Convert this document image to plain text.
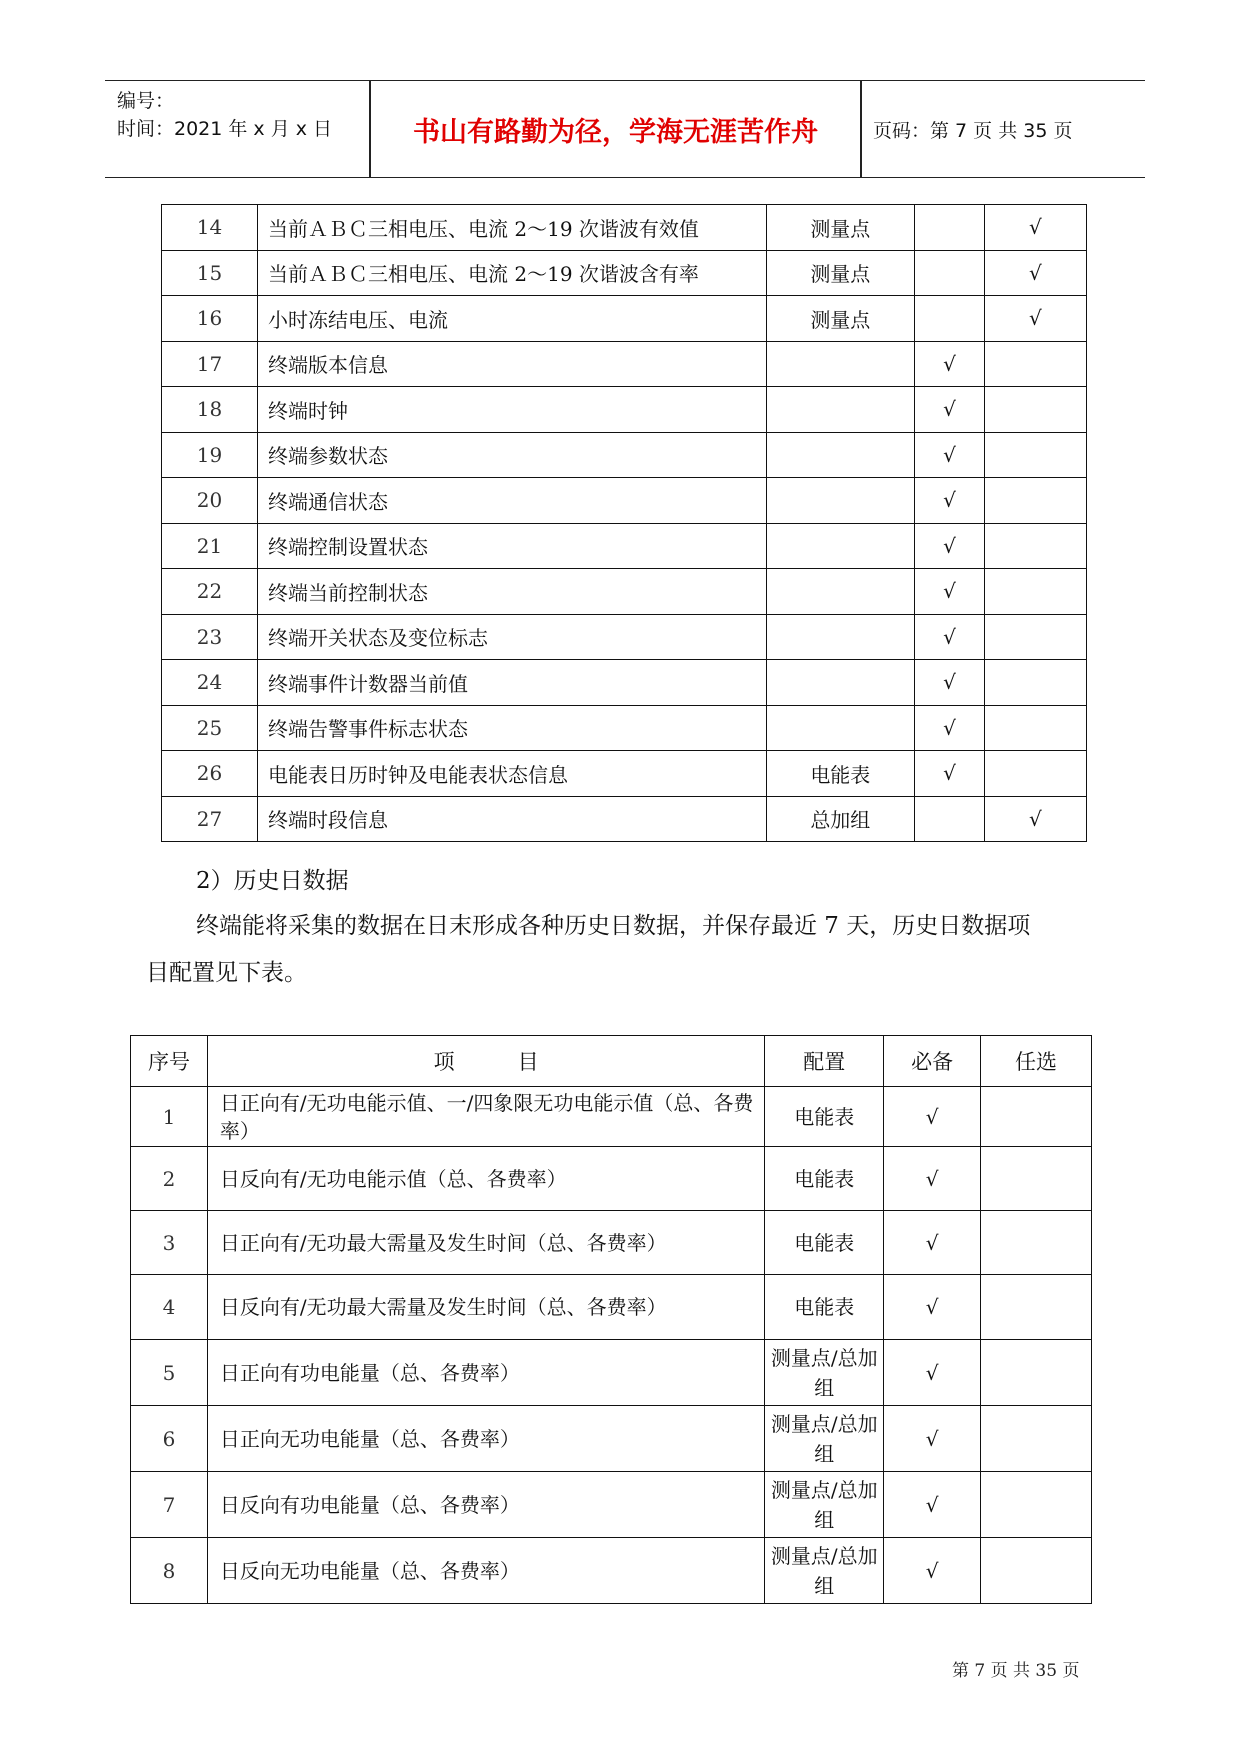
编号：
时间：2021 年 x 月 x 日	书山有路勤为径，学海无涯苦作舟	页码：第 7 页 共 35 页
14	当前ＡＢＣ三相电压、电流 2～19 次谐波有效值	测量点		√
15	当前ＡＢＣ三相电压、电流 2～19 次谐波含有率	测量点		√
16	小时冻结电压、电流	测量点		√
17	终端版本信息		√	
18	终端时钟		√	
19	终端参数状态		√	
20	终端通信状态		√	
21	终端控制设置状态		√	
22	终端当前控制状态		√	
23	终端开关状态及变位标志		√	
24	终端事件计数器当前值		√	
25	终端告警事件标志状态		√	
26	电能表日历时钟及电能表状态信息	电能表	√	
27	终端时段信息	总加组		√
2）历史日数据
终端能将采集的数据在日末形成各种历史日数据，并保存最近 7 天，历史日数据项
目配置见下表。
序号	项　　　目	配置	必备	任选
1	日正向有/无功电能示值、一/四象限无功电能示值（总、各费率）	电能表	√	
2	日反向有/无功电能示值（总、各费率）	电能表	√	
3	日正向有/无功最大需量及发生时间（总、各费率）	电能表	√	
4	日反向有/无功最大需量及发生时间（总、各费率）	电能表	√	
5	日正向有功电能量（总、各费率）	测量点/总加组	√	
6	日正向无功电能量（总、各费率）	测量点/总加组	√	
7	日反向有功电能量（总、各费率）	测量点/总加组	√	
8	日反向无功电能量（总、各费率）	测量点/总加组	√	
第 7 页 共 35 页
